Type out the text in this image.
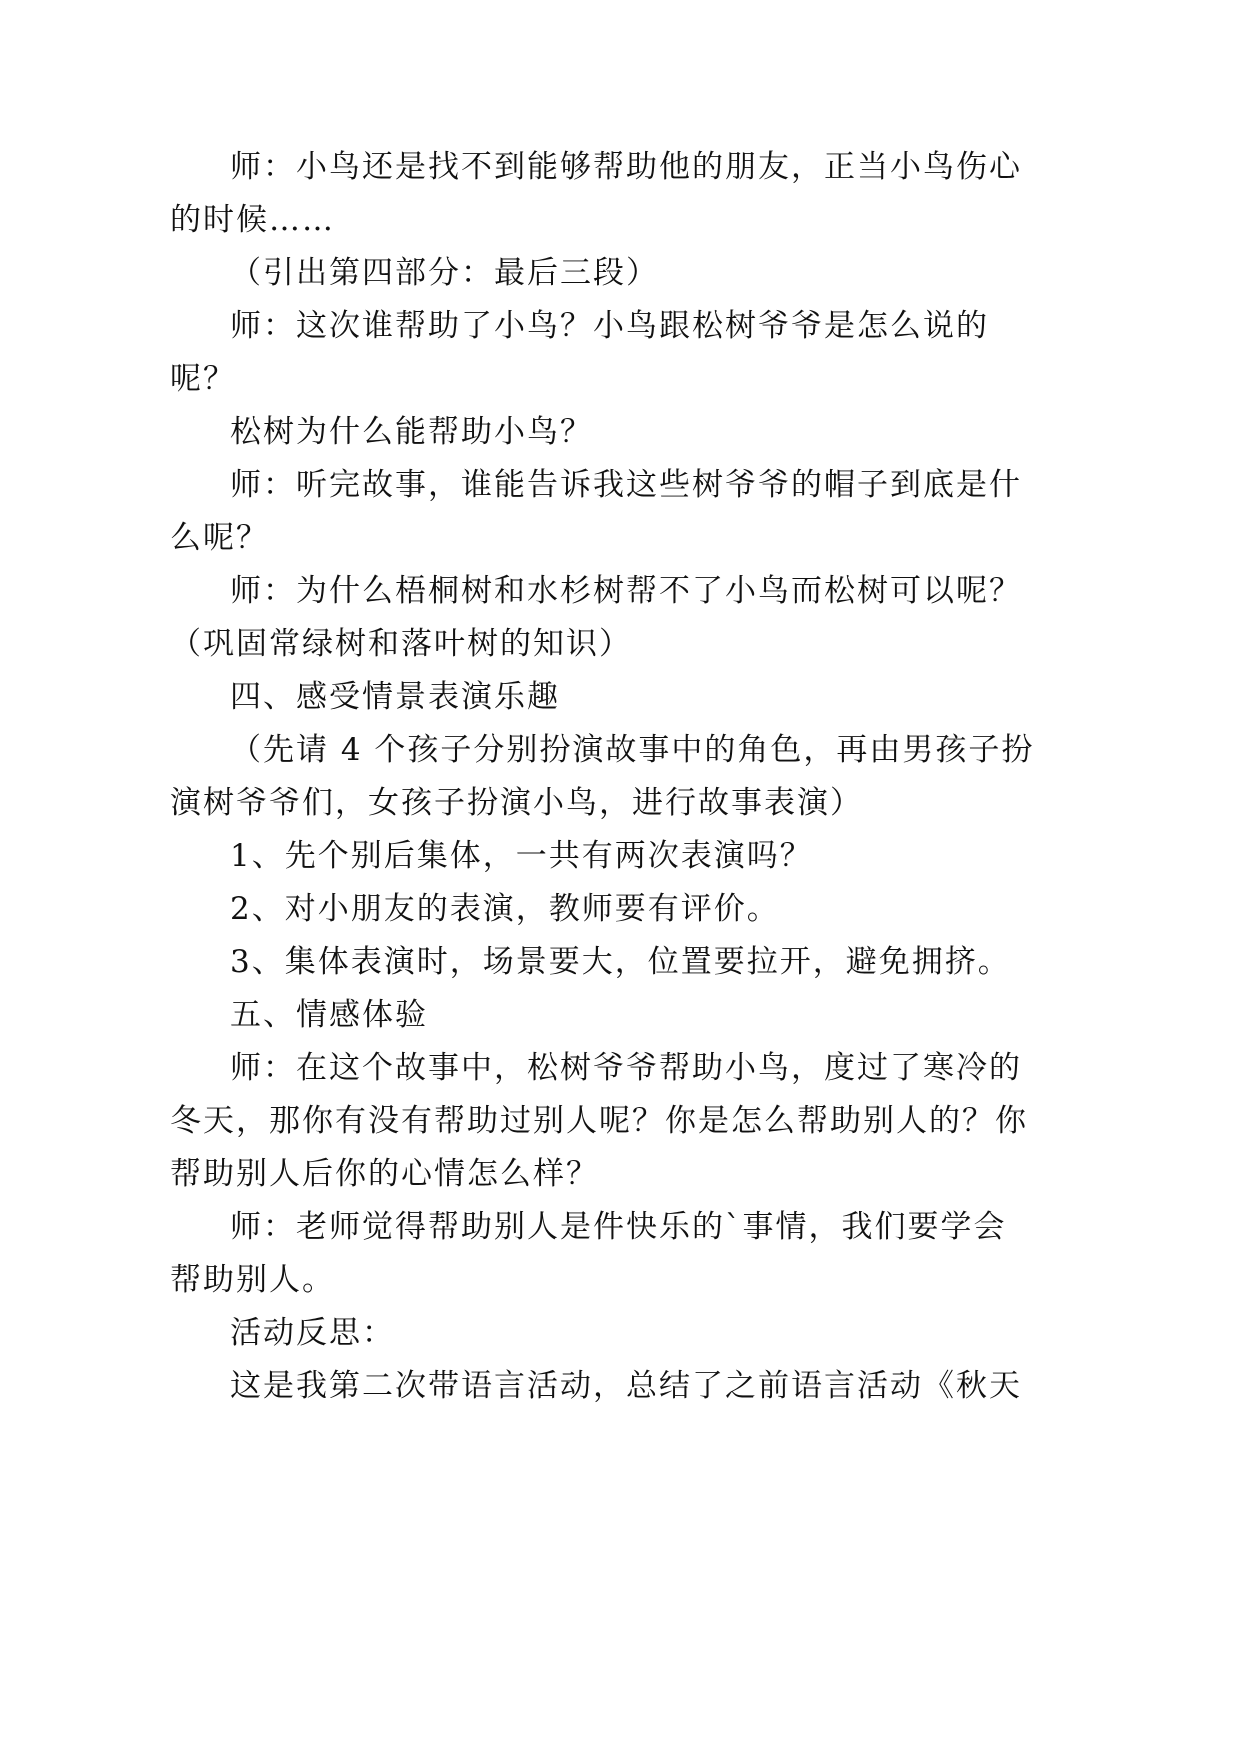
师：小鸟还是找不到能够帮助他的朋友，正当小鸟伤心
的时候……
（引出第四部分：最后三段）
师：这次谁帮助了小鸟？小鸟跟松树爷爷是怎么说的
呢？
松树为什么能帮助小鸟？
师：听完故事，谁能告诉我这些树爷爷的帽子到底是什
么呢？
师：为什么梧桐树和水杉树帮不了小鸟而松树可以呢？
（巩固常绿树和落叶树的知识）
四、感受情景表演乐趣
（先请 4 个孩子分别扮演故事中的角色，再由男孩子扮
演树爷爷们，女孩子扮演小鸟，进行故事表演）
1、先个别后集体，一共有两次表演吗？
2、对小朋友的表演，教师要有评价。
3、集体表演时，场景要大，位置要拉开，避免拥挤。
五、情感体验
师：在这个故事中，松树爷爷帮助小鸟，度过了寒冷的
冬天，那你有没有帮助过别人呢？你是怎么帮助别人的？你
帮助别人后你的心情怎么样？
师：老师觉得帮助别人是件快乐的`事情，我们要学会
帮助别人。
活动反思：
这是我第二次带语言活动，总结了之前语言活动《秋天
